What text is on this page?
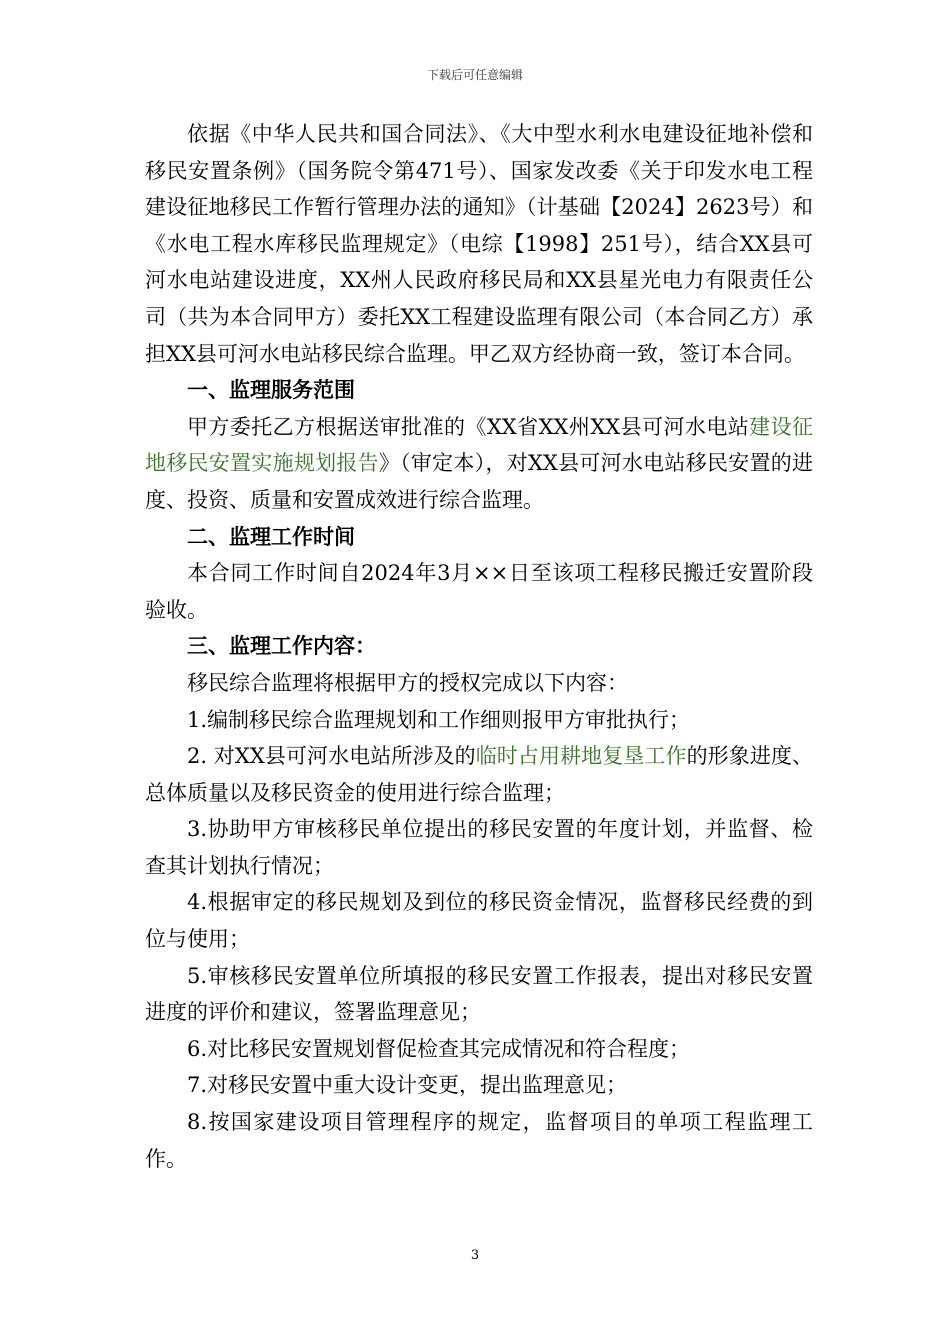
下载后可任意编辑

依据《中华人民共和国合同法》、《大中型水利水电建设征地补偿和移民安置条例》（国务院令第471号）、国家发改委《关于印发水电工程建设征地移民工作暂行管理办法的通知》（计基础【2024】2623号）和《水电工程水库移民监理规定》（电综【1998】251号），结合XX县可河水电站建设进度，XX州人民政府移民局和XX县星光电力有限责任公司（共为本合同甲方）委托XX工程建设监理有限公司（本合同乙方）承担XX县可河水电站移民综合监理。甲乙双方经协商一致，签订本合同。

一、监理服务范围

甲方委托乙方根据送审批准的《XX省XX州XX县可河水电站建设征地移民安置实施规划报告》（审定本），对XX县可河水电站移民安置的进度、投资、质量和安置成效进行综合监理。

二、监理工作时间

本合同工作时间自2024年3月××日至该项工程移民搬迁安置阶段验收。

三、监理工作内容：

移民综合监理将根据甲方的授权完成以下内容：

1.编制移民综合监理规划和工作细则报甲方审批执行；

2. 对XX县可河水电站所涉及的临时占用耕地复垦工作的形象进度、总体质量以及移民资金的使用进行综合监理；

3.协助甲方审核移民单位提出的移民安置的年度计划，并监督、检查其计划执行情况；

4.根据审定的移民规划及到位的移民资金情况，监督移民经费的到位与使用；

5.审核移民安置单位所填报的移民安置工作报表，提出对移民安置进度的评价和建议，签署监理意见；

6.对比移民安置规划督促检查其完成情况和符合程度；

7.对移民安置中重大设计变更，提出监理意见；

8.按国家建设项目管理程序的规定，监督项目的单项工程监理工作。

3
